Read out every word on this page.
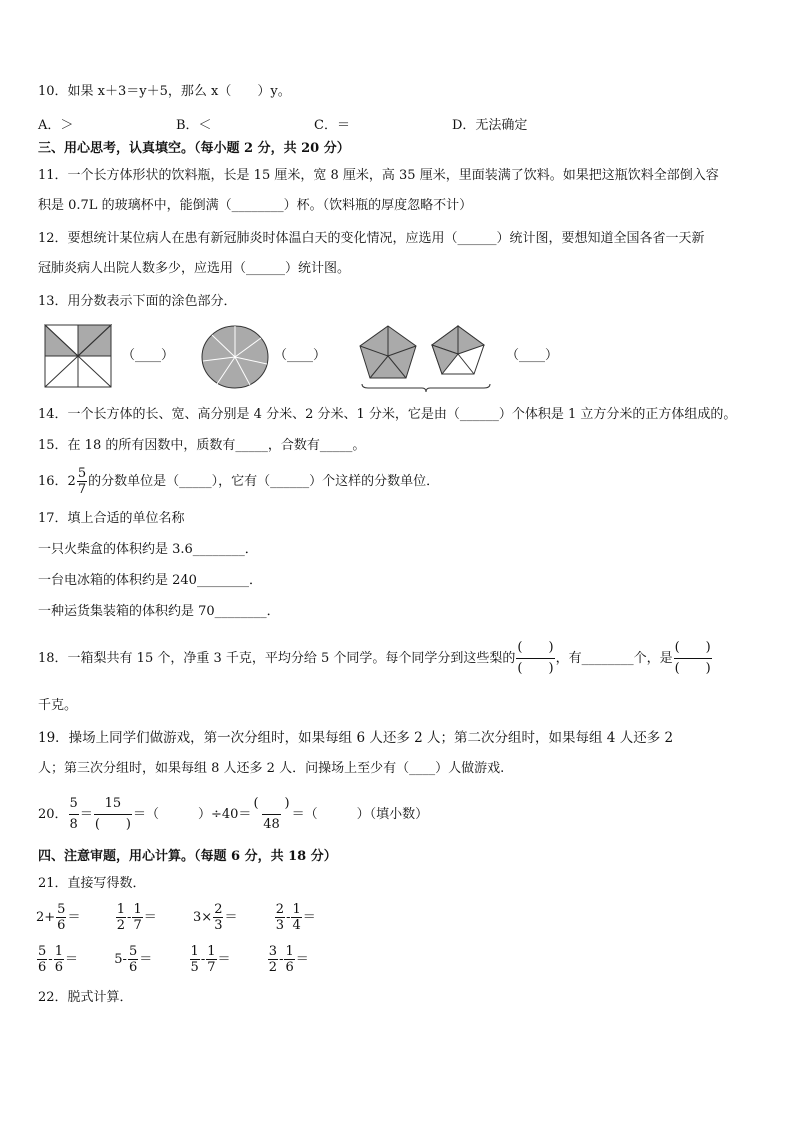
10．如果 x＋3＝y＋5，那么 x（　　）y。
A．＞	B．＜	C．＝	D．无法确定
三、用心思考，认真填空。（每小题 2 分，共 20 分）
11．一个长方体形状的饮料瓶，长是 15 厘米，宽 8 厘米，高 35 厘米，里面装满了饮料。如果把这瓶饮料全部倒入容
积是 0.7L 的玻璃杯中，能倒满（________）杯。（饮料瓶的厚度忽略不计）
12．要想统计某位病人在患有新冠肺炎时体温白天的变化情况，应选用（______）统计图，要想知道全国各省一天新
冠肺炎病人出院人数多少，应选用（______）统计图。
13．用分数表示下面的涂色部分．
（____）	（____）	（____）
14．一个长方体的长、宽、高分别是 4 分米、2 分米、1 分米，它是由（______）个体积是 1 立方分米的正方体组成的。
15．在 18 的所有因数中，质数有_____，合数有_____。
16．$2 \frac{5}{7}$ 的分数单位是（_____），它有（______）个这样的分数单位．
17．填上合适的单位名称
一只火柴盒的体积约是 3.6________．
一台电冰箱的体积约是 240________．
一种运货集装箱的体积约是 70________．
18．一箱梨共有 15 个，净重 3 千克，平均分给 5 个同学。每个同学分到这些梨的 $\frac{( )}{( )}$ ，有________个，是 $\frac{( )}{( )}$
千克。
19．操场上同学们做游戏，第一次分组时，如果每组 6 人还多 2 人；第二次分组时，如果每组 4 人还多 2
人；第三次分组时，如果每组 8 人还多 2 人．问操场上至少有（____）人做游戏.
20． $\frac{5}{8} = \frac{15}{( )}$ ＝（　　　）$\div 40= \frac{( )}{48}$ ＝（　　　）（填小数）
四、注意审题，用心计算。（每题 6 分，共 18 分）
21．直接写得数．
$2+ \frac{5}{6}$ ＝	$\frac{1}{2} - \frac{1}{7}$ ＝	$3\times \frac{2}{3}$ ＝	$\frac{2}{3} - \frac{1}{4}$ ＝
$\frac{5}{6} - \frac{1}{6}$ ＝	$5- \frac{5}{6}$ ＝	$\frac{1}{5} - \frac{1}{7}$ ＝	$\frac{3}{2} - \frac{1}{6}$ ＝
22．脱式计算．
